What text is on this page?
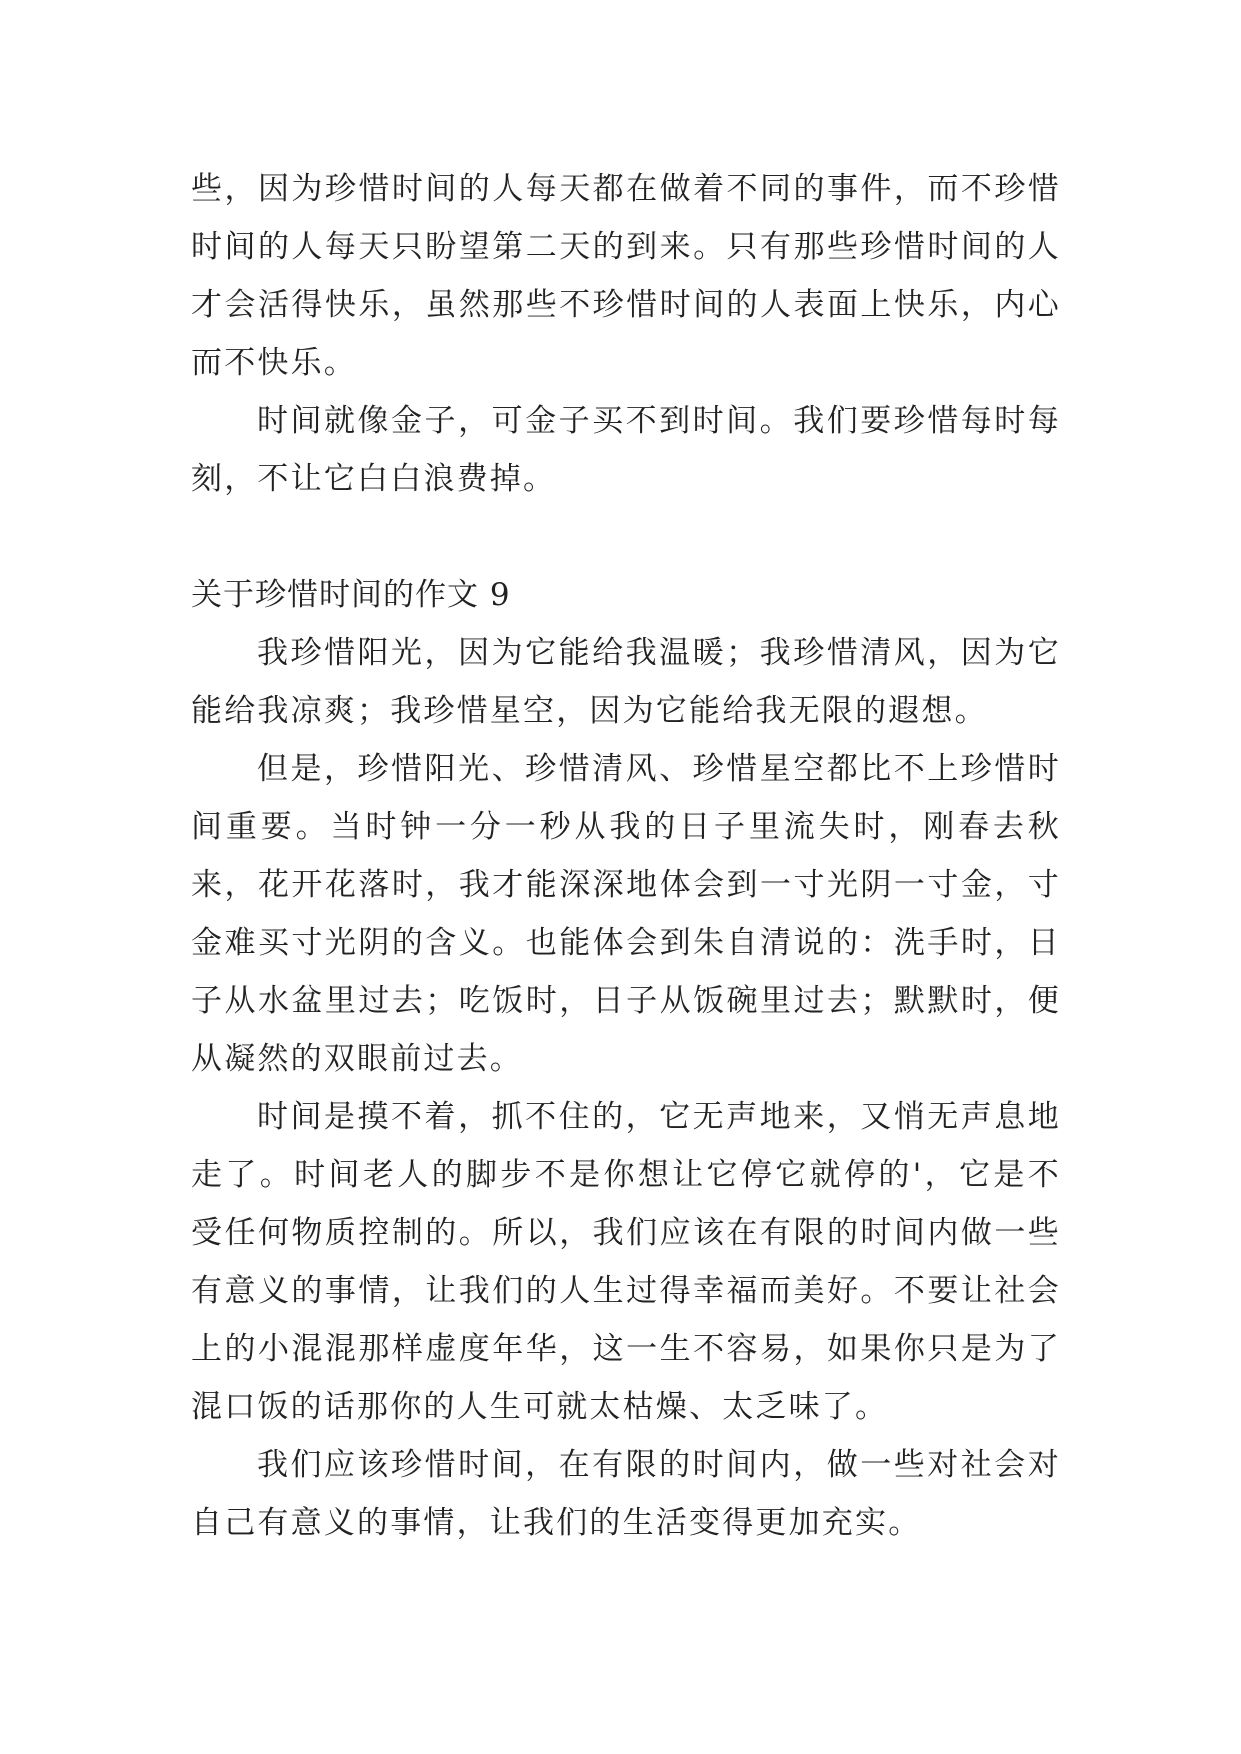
些，因为珍惜时间的人每天都在做着不同的事件，而不珍惜时间的人每天只盼望第二天的到来。只有那些珍惜时间的人才会活得快乐，虽然那些不珍惜时间的人表面上快乐，内心而不快乐。

时间就像金子，可金子买不到时间。我们要珍惜每时每刻，不让它白白浪费掉。

关于珍惜时间的作文 9

我珍惜阳光，因为它能给我温暖；我珍惜清风，因为它能给我凉爽；我珍惜星空，因为它能给我无限的遐想。

但是，珍惜阳光、珍惜清风、珍惜星空都比不上珍惜时间重要。当时钟一分一秒从我的日子里流失时，刚春去秋来，花开花落时，我才能深深地体会到一寸光阴一寸金，寸金难买寸光阴的含义。也能体会到朱自清说的：洗手时，日子从水盆里过去；吃饭时，日子从饭碗里过去；默默时，便从凝然的双眼前过去。

时间是摸不着，抓不住的，它无声地来，又悄无声息地走了。时间老人的脚步不是你想让它停它就停的'，它是不受任何物质控制的。所以，我们应该在有限的时间内做一些有意义的事情，让我们的人生过得幸福而美好。不要让社会上的小混混那样虚度年华，这一生不容易，如果你只是为了混口饭的话那你的人生可就太枯燥、太乏味了。

我们应该珍惜时间，在有限的时间内，做一些对社会对自己有意义的事情，让我们的生活变得更加充实。
